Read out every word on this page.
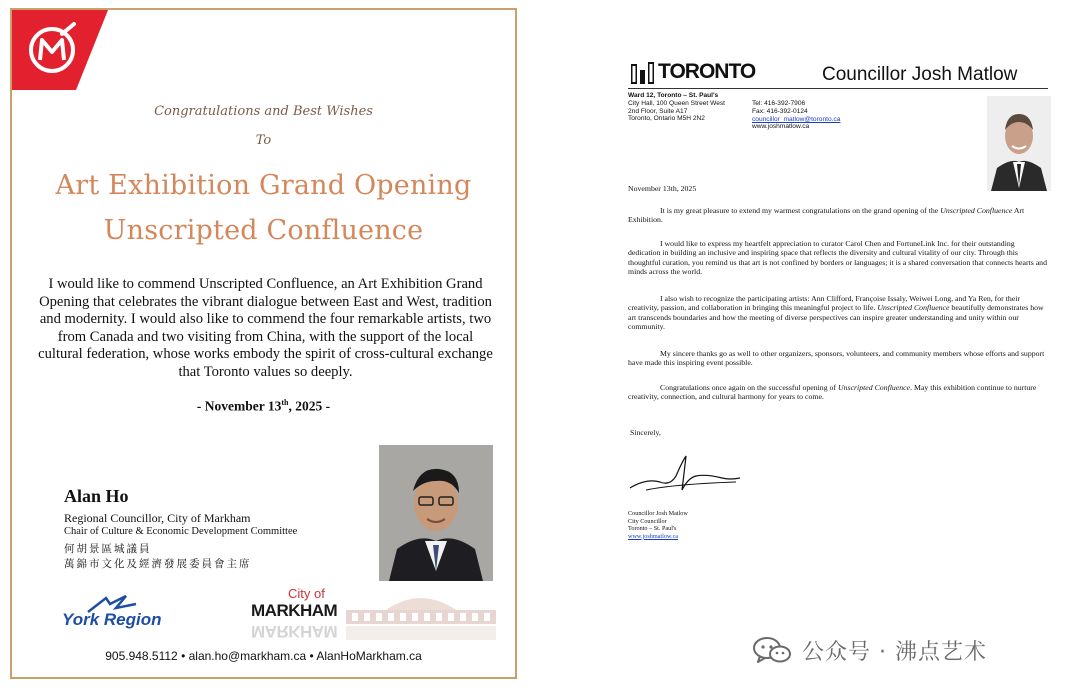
Congratulations and Best Wishes
To
Art Exhibition Grand Opening
Unscripted Confluence
I would like to commend Unscripted Confluence, an Art Exhibition Grand Opening that celebrates the vibrant dialogue between East and West, tradition and modernity. I would also like to commend the four remarkable artists, two from Canada and two visiting from China, with the support of the local cultural federation, whose works embody the spirit of cross-cultural exchange that Toronto values so deeply.
- November 13th, 2025 -
Alan Ho
Regional Councillor, City of Markham
Chair of Culture & Economic Development Committee
何胡景區城議員
萬錦市文化及經濟發展委員會主席
York Region
City of
MARKHAM
MARKHAM
905.948.5112 • alan.ho@markham.ca • AlanHoMarkham.ca
TORONTO	Councillor Josh Matlow
Ward 12, Toronto – St. Paul's
City Hall, 100 Queen Street West
2nd Floor, Suite A17
Toronto, Ontario M5H 2N2
Tel: 416-392-7906
Fax: 416-392-0124
councillor_matlow@toronto.ca
www.joshmatlow.ca
November 13th, 2025
It is my great pleasure to extend my warmest congratulations on the grand opening of the Unscripted Confluence Art Exhibition.
I would like to express my heartfelt appreciation to curator Carol Chen and FortuneLink Inc. for their outstanding dedication in building an inclusive and inspiring space that reflects the diversity and cultural vitality of our city. Through this thoughtful curation, you remind us that art is not confined by borders or languages; it is a shared conversation that connects hearts and minds across the world.
I also wish to recognize the participating artists: Ann Clifford, Françoise Issaly, Weiwei Long, and Ya Ren, for their creativity, passion, and collaboration in bringing this meaningful project to life. Unscripted Confluence beautifully demonstrates how art transcends boundaries and how the meeting of diverse perspectives can inspire greater understanding and unity within our community.
My sincere thanks go as well to other organizers, sponsors, volunteers, and community members whose efforts and support have made this inspiring event possible.
Congratulations once again on the successful opening of Unscripted Confluence. May this exhibition continue to nurture creativity, connection, and cultural harmony for years to come.
Sincerely,
Councillor Josh Matlow
City Councillor
Toronto – St. Paul's
www.joshmatlow.ca
公众号 · 沸点艺术
